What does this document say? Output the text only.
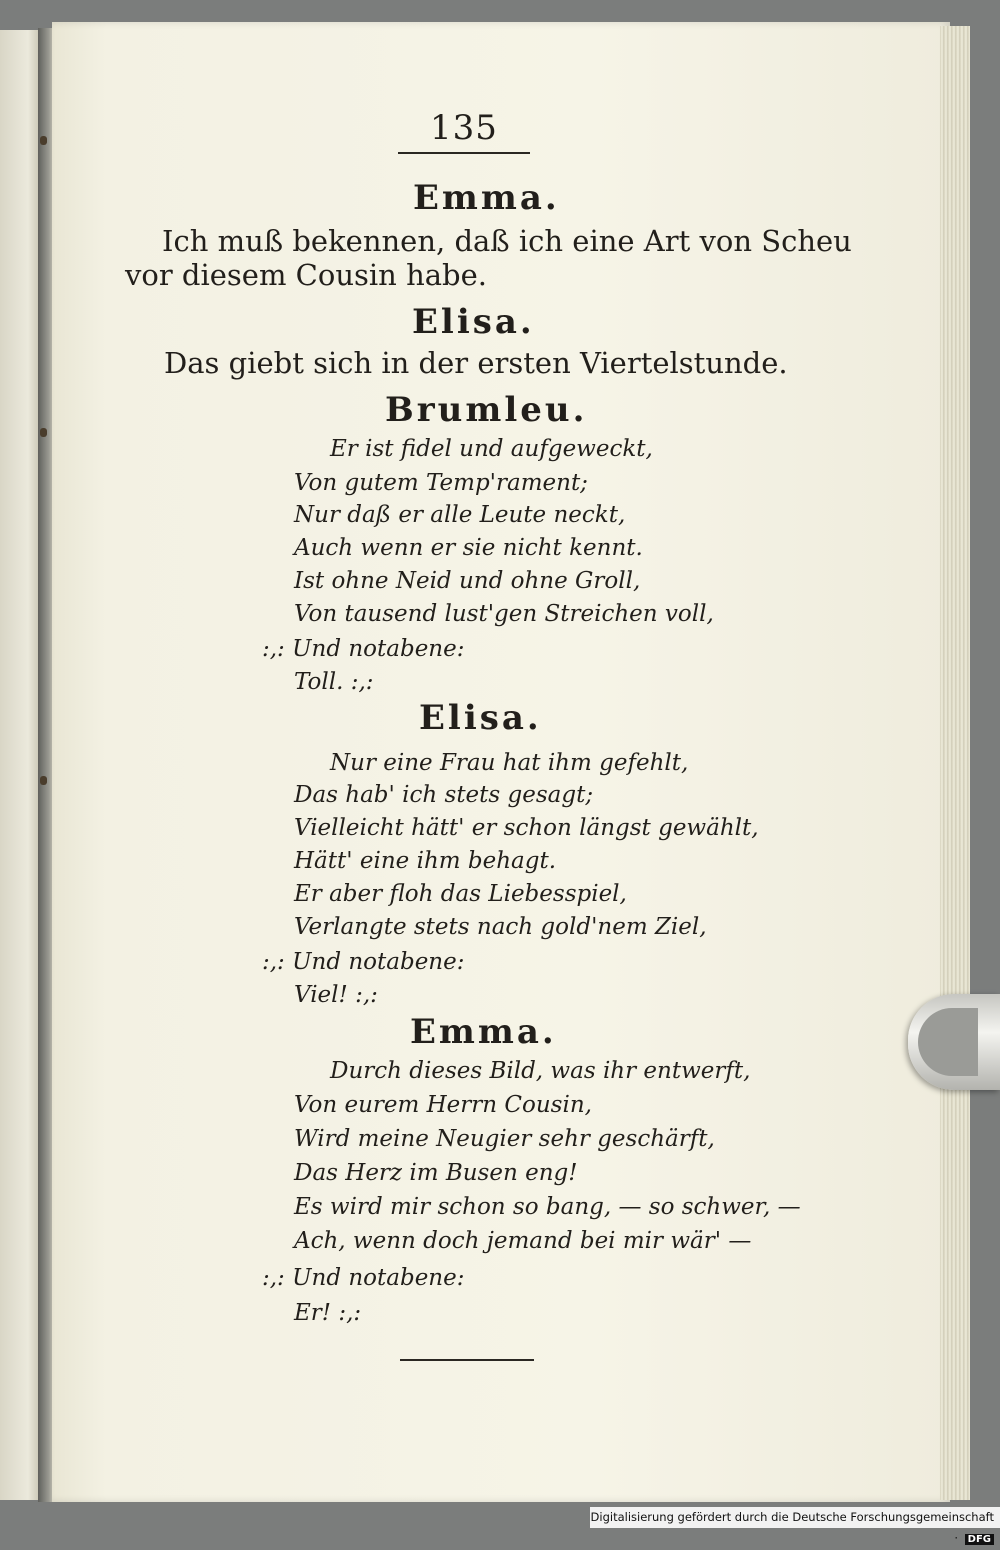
135
Emma.
Ich muß bekennen, daß ich eine Art von Scheu
vor diesem Cousin habe.
Elisa.
Das giebt sich in der ersten Viertelstunde.
Brumleu.
Er ist fidel und aufgeweckt,
Von gutem Temp'rament;
Nur daß er alle Leute neckt,
Auch wenn er sie nicht kennt.
Ist ohne Neid und ohne Groll,
Von tausend lust'gen Streichen voll,
:,: Und notabene:
Toll. :,:
Elisa.
Nur eine Frau hat ihm gefehlt,
Das hab' ich stets gesagt;
Vielleicht hätt' er schon längst gewählt,
Hätt' eine ihm behagt.
Er aber floh das Liebesspiel,
Verlangte stets nach gold'nem Ziel,
:,: Und notabene:
Viel! :,:
Emma.
Durch dieses Bild, was ihr entwerft,
Von eurem Herrn Cousin,
Wird meine Neugier sehr geschärft,
Das Herz im Busen eng!
Es wird mir schon so bang, — so schwer, —
Ach, wenn doch jemand bei mir wär' —
:,: Und notabene:
Er! :,:
Digitalisierung gefördert durch die Deutsche Forschungsgemeinschaft · DFG
